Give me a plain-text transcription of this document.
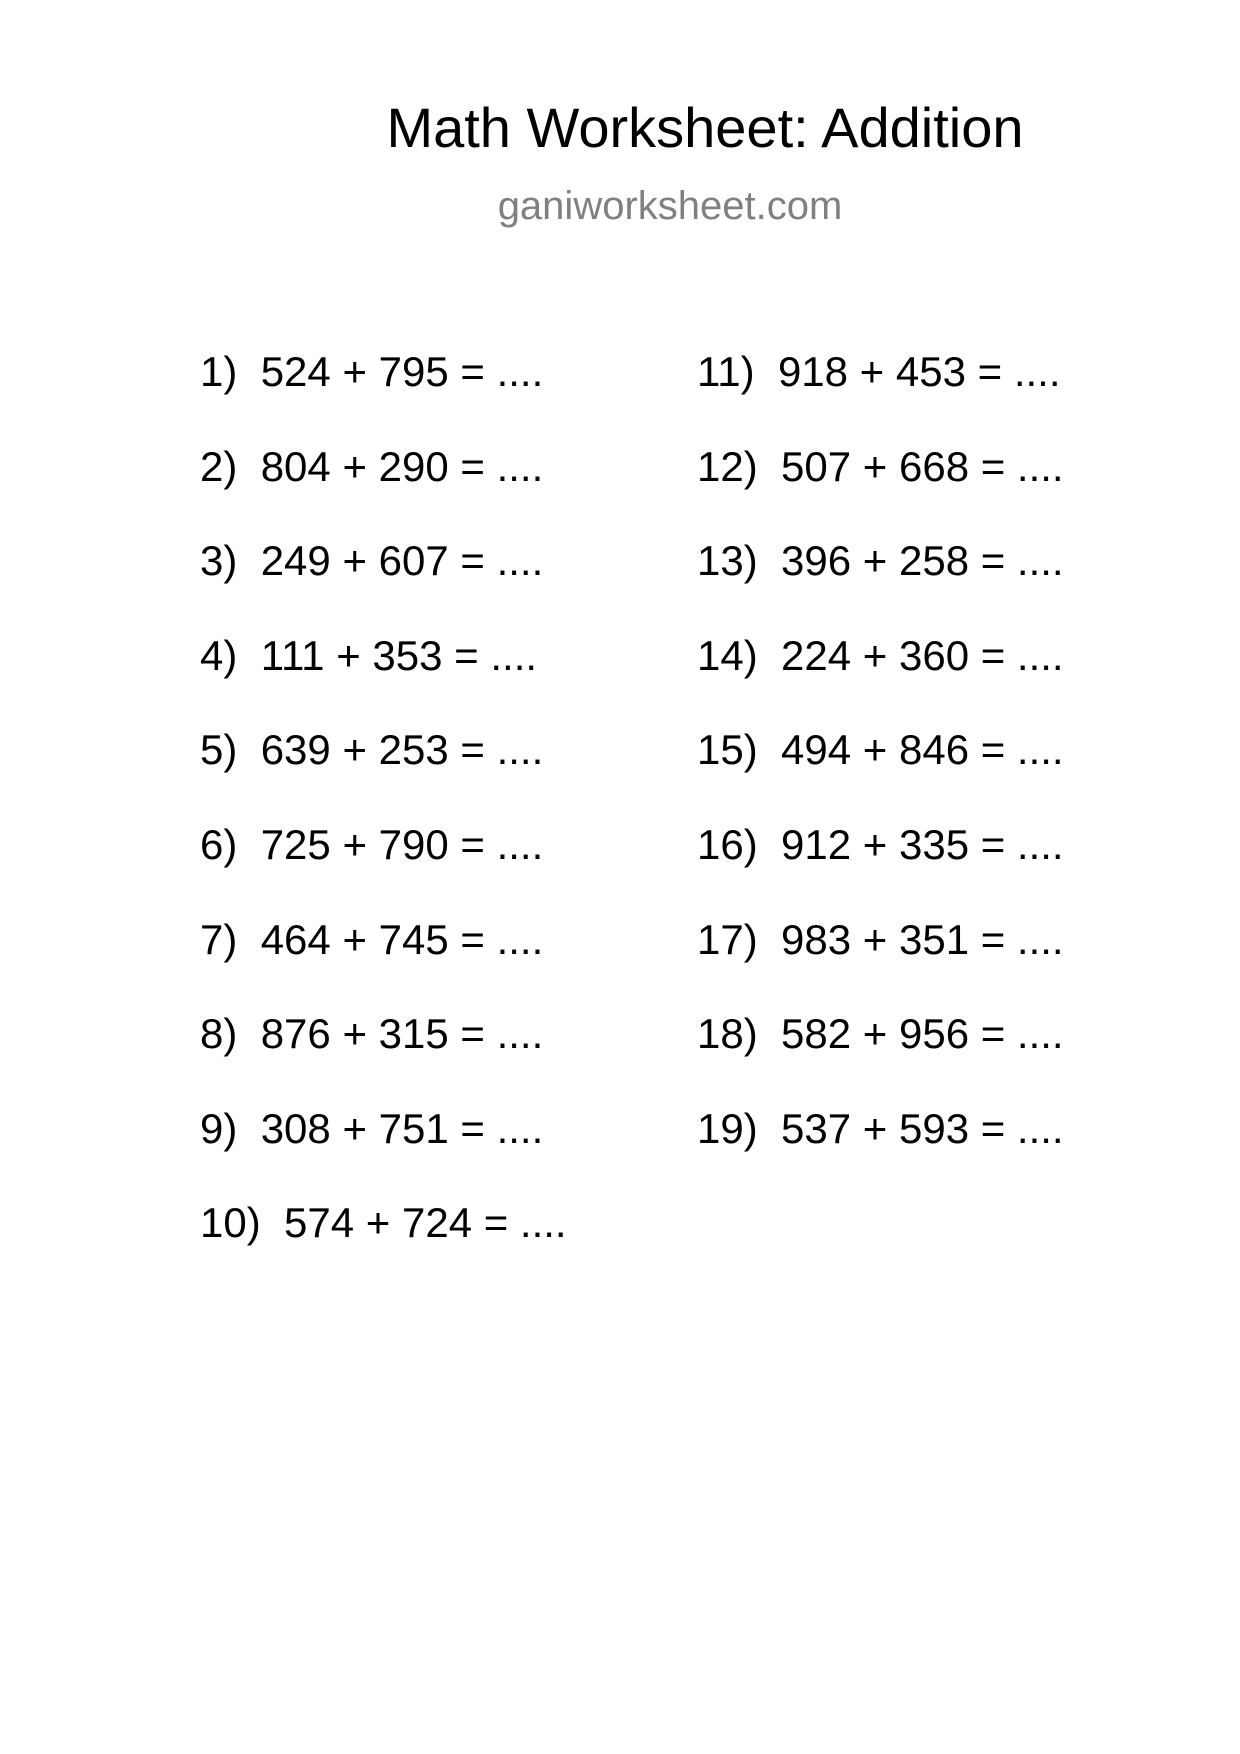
Math Worksheet: Addition
ganiworksheet.com
1) 524 + 795 = ....
2) 804 + 290 = ....
3) 249 + 607 = ....
4) 111 + 353 = ....
5) 639 + 253 = ....
6) 725 + 790 = ....
7) 464 + 745 = ....
8) 876 + 315 = ....
9) 308 + 751 = ....
10) 574 + 724 = ....
11) 918 + 453 = ....
12) 507 + 668 = ....
13) 396 + 258 = ....
14) 224 + 360 = ....
15) 494 + 846 = ....
16) 912 + 335 = ....
17) 983 + 351 = ....
18) 582 + 956 = ....
19) 537 + 593 = ....
